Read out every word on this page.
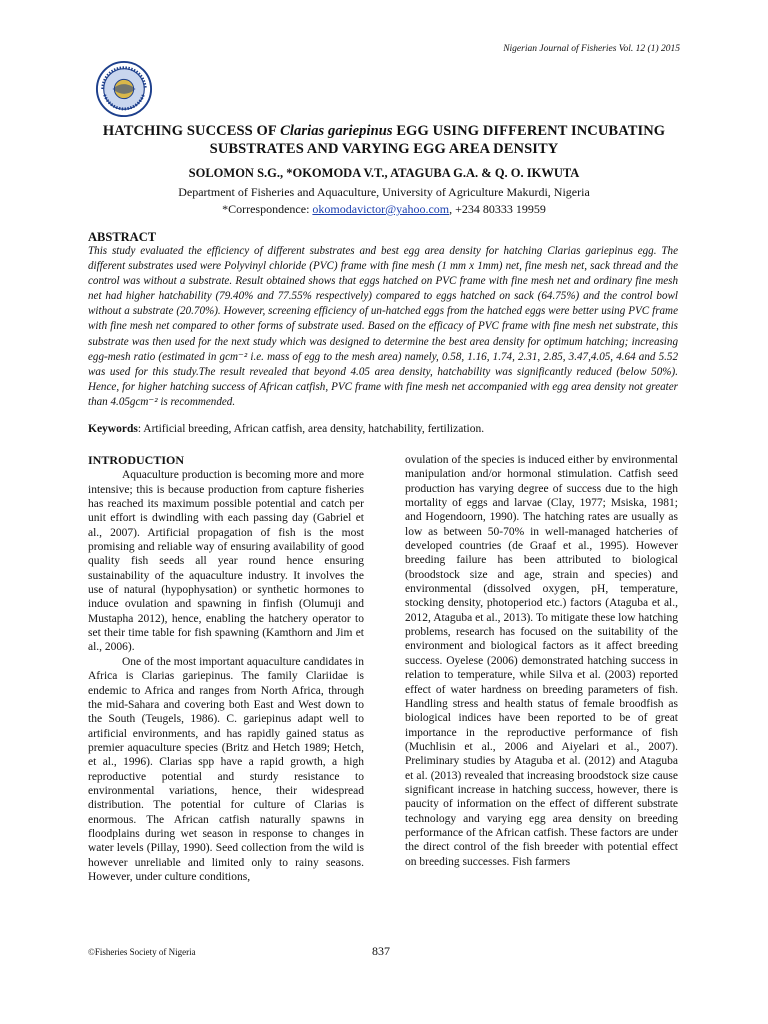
Nigerian Journal of Fisheries Vol. 12 (1) 2015
HATCHING SUCCESS OF Clarias gariepinus EGG USING DIFFERENT INCUBATING SUBSTRATES AND VARYING EGG AREA DENSITY
SOLOMON S.G., *OKOMODA V.T., ATAGUBA G.A. & Q. O. IKWUTA
Department of Fisheries and Aquaculture, University of Agriculture Makurdi, Nigeria
*Correspondence: okomodavictor@yahoo.com, +234 80333 19959
ABSTRACT
This study evaluated the efficiency of different substrates and best egg area density for hatching Clarias gariepinus egg. The different substrates used were Polyvinyl chloride (PVC) frame with fine mesh (1 mm x 1mm) net, fine mesh net, sack thread and the control was without a substrate. Result obtained shows that eggs hatched on PVC frame with fine mesh net and ordinary fine mesh net had higher hatchability (79.40% and 77.55% respectively) compared to eggs hatched on sack (64.75%) and the control bowl without a substrate (20.70%). However, screening efficiency of un-hatched eggs from the hatched eggs were better using PVC frame with fine mesh net compared to other forms of substrate used. Based on the efficacy of PVC frame with fine mesh net substrate, this substrate was then used for the next study which was designed to determine the best area density for optimum hatching; increasing egg-mesh ratio (estimated in gcm⁻² i.e. mass of egg to the mesh area) namely, 0.58, 1.16, 1.74, 2.31, 2.85, 3.47,4.05, 4.64 and 5.52 was used for this study.The result revealed that beyond 4.05 area density, hatchability was significantly reduced (below 50%). Hence, for higher hatching success of African catfish, PVC frame with fine mesh net accompanied with egg area density not greater than 4.05gcm⁻² is recommended.
Keywords: Artificial breeding, African catfish, area density, hatchability, fertilization.
INTRODUCTION

Aquaculture production is becoming more and more intensive; this is because production from capture fisheries has reached its maximum possible potential and catch per unit effort is dwindling with each passing day (Gabriel et al., 2007). Artificial propagation of fish is the most promising and reliable way of ensuring availability of good quality fish seeds all year round hence ensuring sustainability of the aquaculture industry. It involves the use of natural (hypophysation) or synthetic hormones to induce ovulation and spawning in finfish (Olumuji and Mustapha 2012), hence, enabling the hatchery operator to set their time table for fish spawning (Kamthorn and Jim et al., 2006).

One of the most important aquaculture candidates in Africa is Clarias gariepinus. The family Clariidae is endemic to Africa and ranges from North Africa, through the mid-Sahara and covering both East and West down to the South (Teugels, 1986). C. gariepinus adapt well to artificial environments, and has rapidly gained status as premier aquaculture species (Britz and Hetch 1989; Hetch, et al., 1996). Clarias spp have a rapid growth, a high reproductive potential and sturdy resistance to environmental variations, hence, their widespread distribution. The potential for culture of Clarias is enormous. The African catfish naturally spawns in floodplains during wet season in response to changes in water levels (Pillay, 1990). Seed collection from the wild is however unreliable and limited only to rainy seasons. However, under culture conditions,

ovulation of the species is induced either by environmental manipulation and/or hormonal stimulation. Catfish seed production has varying degree of success due to the high mortality of eggs and larvae (Clay, 1977; Msiska, 1981; and Hogendoorn, 1990). The hatching rates are usually as low as between 50-70% in well-managed hatcheries of developed countries (de Graaf et al., 1995). However breeding failure has been attributed to biological (broodstock size and age, strain and species) and environmental (dissolved oxygen, pH, temperature, stocking density, photoperiod etc.) factors (Ataguba et al., 2012, Ataguba et al., 2013). To mitigate these low hatching problems, research has focused on the suitability of the environment and biological factors as it affect breeding success. Oyelese (2006) demonstrated hatching success in relation to temperature, while Silva et al. (2003) reported effect of water hardness on breeding parameters of fish. Handling stress and health status of female broodfish as biological indices have been reported to be of great importance in the reproductive performance of fish (Muchlisin et al., 2006 and Aiyelari et al., 2007). Preliminary studies by Ataguba et al. (2012) and Ataguba et al. (2013) revealed that increasing broodstock size cause significant increase in hatching success, however, there is paucity of information on the effect of different substrate technology and varying egg area density on breeding performance of the African catfish. These factors are under the direct control of the fish breeder with potential effect on breeding successes. Fish farmers

©Fisheries Society of Nigeria	837
